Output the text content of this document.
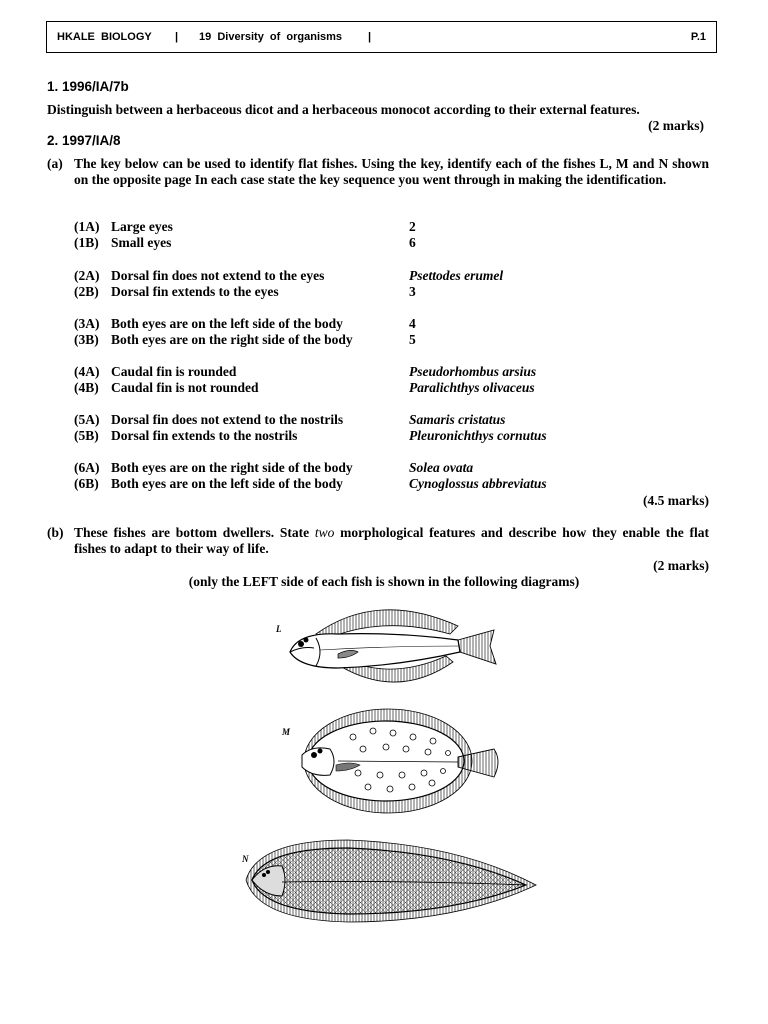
HKALE  BIOLOGY | 19  Diversity  of  organisms |	P.1
1. 1996/IA/7b
Distinguish between a herbaceous dicot and a herbaceous monocot according to their external features.
(2 marks)
2. 1997/IA/8
(a) The key below can be used to identify flat fishes. Using the key, identify each of the fishes L, M and N shown on the opposite page In each case state the key sequence you went through in making the identification.
(1A) Large eyes	2
(1B) Small eyes	6
(2A) Dorsal fin does not extend to the eyes	Psettodes erumel
(2B) Dorsal fin extends to the eyes	3
(3A) Both eyes are on the left side of the body	4
(3B) Both eyes are on the right side of the body	5
(4A) Caudal fin is rounded	Pseudorhombus arsius
(4B) Caudal fin is not rounded	Paralichthys olivaceus
(5A) Dorsal fin does not extend to the nostrils	Samaris cristatus
(5B) Dorsal fin extends to the nostrils	Pleuronichthys cornutus
(6A) Both eyes are on the right side of the body	Solea ovata
(6B) Both eyes are on the left side of the body	Cynoglossus abbreviatus
(4.5 marks)
(b) These fishes are bottom dwellers. State two morphological features and describe how they enable the flat fishes to adapt to their way of life.
(2 marks)
(only the LEFT side of each fish is shown in the following diagrams)
L
M
N
